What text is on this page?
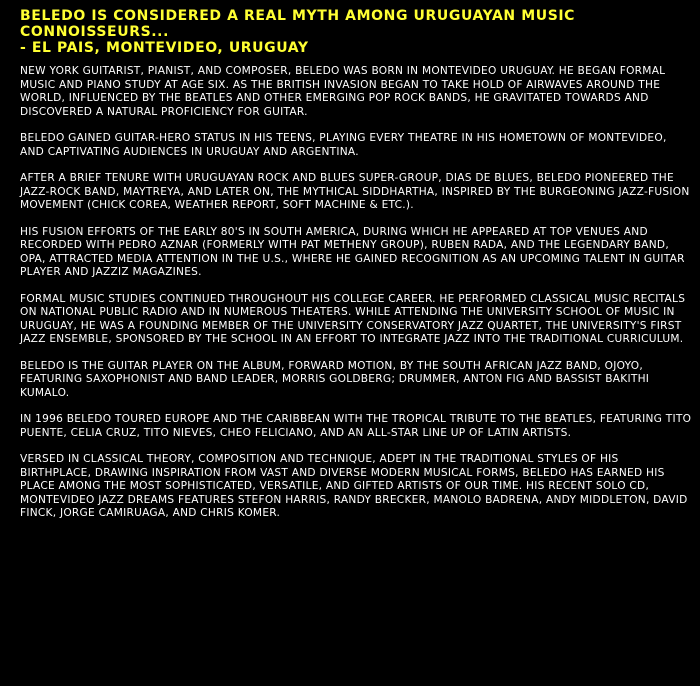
BELEDO IS CONSIDERED A REAL MYTH AMONG URUGUAYAN MUSIC
CONNOISSEURS...
- EL PAIS, MONTEVIDEO, URUGUAY

NEW YORK GUITARIST, PIANIST, AND COMPOSER, BELEDO WAS BORN IN MONTEVIDEO URUGUAY. HE BEGAN FORMAL MUSIC AND PIANO STUDY AT AGE SIX. AS THE BRITISH INVASION BEGAN TO TAKE HOLD OF AIRWAVES AROUND THE WORLD, INFLUENCED BY THE BEATLES AND OTHER EMERGING POP ROCK BANDS, HE GRAVITATED TOWARDS AND DISCOVERED A NATURAL PROFICIENCY FOR GUITAR.

BELEDO GAINED GUITAR-HERO STATUS IN HIS TEENS, PLAYING EVERY THEATRE IN HIS HOMETOWN OF MONTEVIDEO, AND CAPTIVATING AUDIENCES IN URUGUAY AND ARGENTINA.

AFTER A BRIEF TENURE WITH URUGUAYAN ROCK AND BLUES SUPER-GROUP, DIAS DE BLUES, BELEDO PIONEERED THE JAZZ-ROCK BAND, MAYTREYA, AND LATER ON, THE MYTHICAL SIDDHARTHA, INSPIRED BY THE BURGEONING JAZZ-FUSION MOVEMENT (CHICK COREA, WEATHER REPORT, SOFT MACHINE & ETC.).

HIS FUSION EFFORTS OF THE EARLY 80'S IN SOUTH AMERICA, DURING WHICH HE APPEARED AT TOP VENUES AND RECORDED WITH PEDRO AZNAR (FORMERLY WITH PAT METHENY GROUP), RUBEN RADA, AND THE LEGENDARY BAND, OPA, ATTRACTED MEDIA ATTENTION IN THE U.S., WHERE HE GAINED RECOGNITION AS AN UPCOMING TALENT IN GUITAR PLAYER AND JAZZIZ MAGAZINES.

FORMAL MUSIC STUDIES CONTINUED THROUGHOUT HIS COLLEGE CAREER. HE PERFORMED CLASSICAL MUSIC RECITALS ON NATIONAL PUBLIC RADIO AND IN NUMEROUS THEATERS. WHILE ATTENDING THE UNIVERSITY SCHOOL OF MUSIC IN URUGUAY, HE WAS A FOUNDING MEMBER OF THE UNIVERSITY CONSERVATORY JAZZ QUARTET, THE UNIVERSITY'S FIRST JAZZ ENSEMBLE, SPONSORED BY THE SCHOOL IN AN EFFORT TO INTEGRATE JAZZ INTO THE TRADITIONAL CURRICULUM.

BELEDO IS THE GUITAR PLAYER ON THE ALBUM, FORWARD MOTION, BY THE SOUTH AFRICAN JAZZ BAND, OJOYO, FEATURING SAXOPHONIST AND BAND LEADER, MORRIS GOLDBERG; DRUMMER, ANTON FIG AND BASSIST BAKITHI KUMALO.

IN 1996 BELEDO TOURED EUROPE AND THE CARIBBEAN WITH THE TROPICAL TRIBUTE TO THE BEATLES, FEATURING TITO PUENTE, CELIA CRUZ, TITO NIEVES, CHEO FELICIANO, AND AN ALL-STAR LINE UP OF LATIN ARTISTS.

VERSED IN CLASSICAL THEORY, COMPOSITION AND TECHNIQUE, ADEPT IN THE TRADITIONAL STYLES OF HIS BIRTHPLACE, DRAWING INSPIRATION FROM VAST AND DIVERSE MODERN MUSICAL FORMS, BELEDO HAS EARNED HIS PLACE AMONG THE MOST SOPHISTICATED, VERSATILE, AND GIFTED ARTISTS OF OUR TIME. HIS RECENT SOLO CD, MONTEVIDEO JAZZ DREAMS FEATURES STEFON HARRIS, RANDY BRECKER, MANOLO BADRENA, ANDY MIDDLETON, DAVID FINCK, JORGE CAMIRUAGA, AND CHRIS KOMER.
